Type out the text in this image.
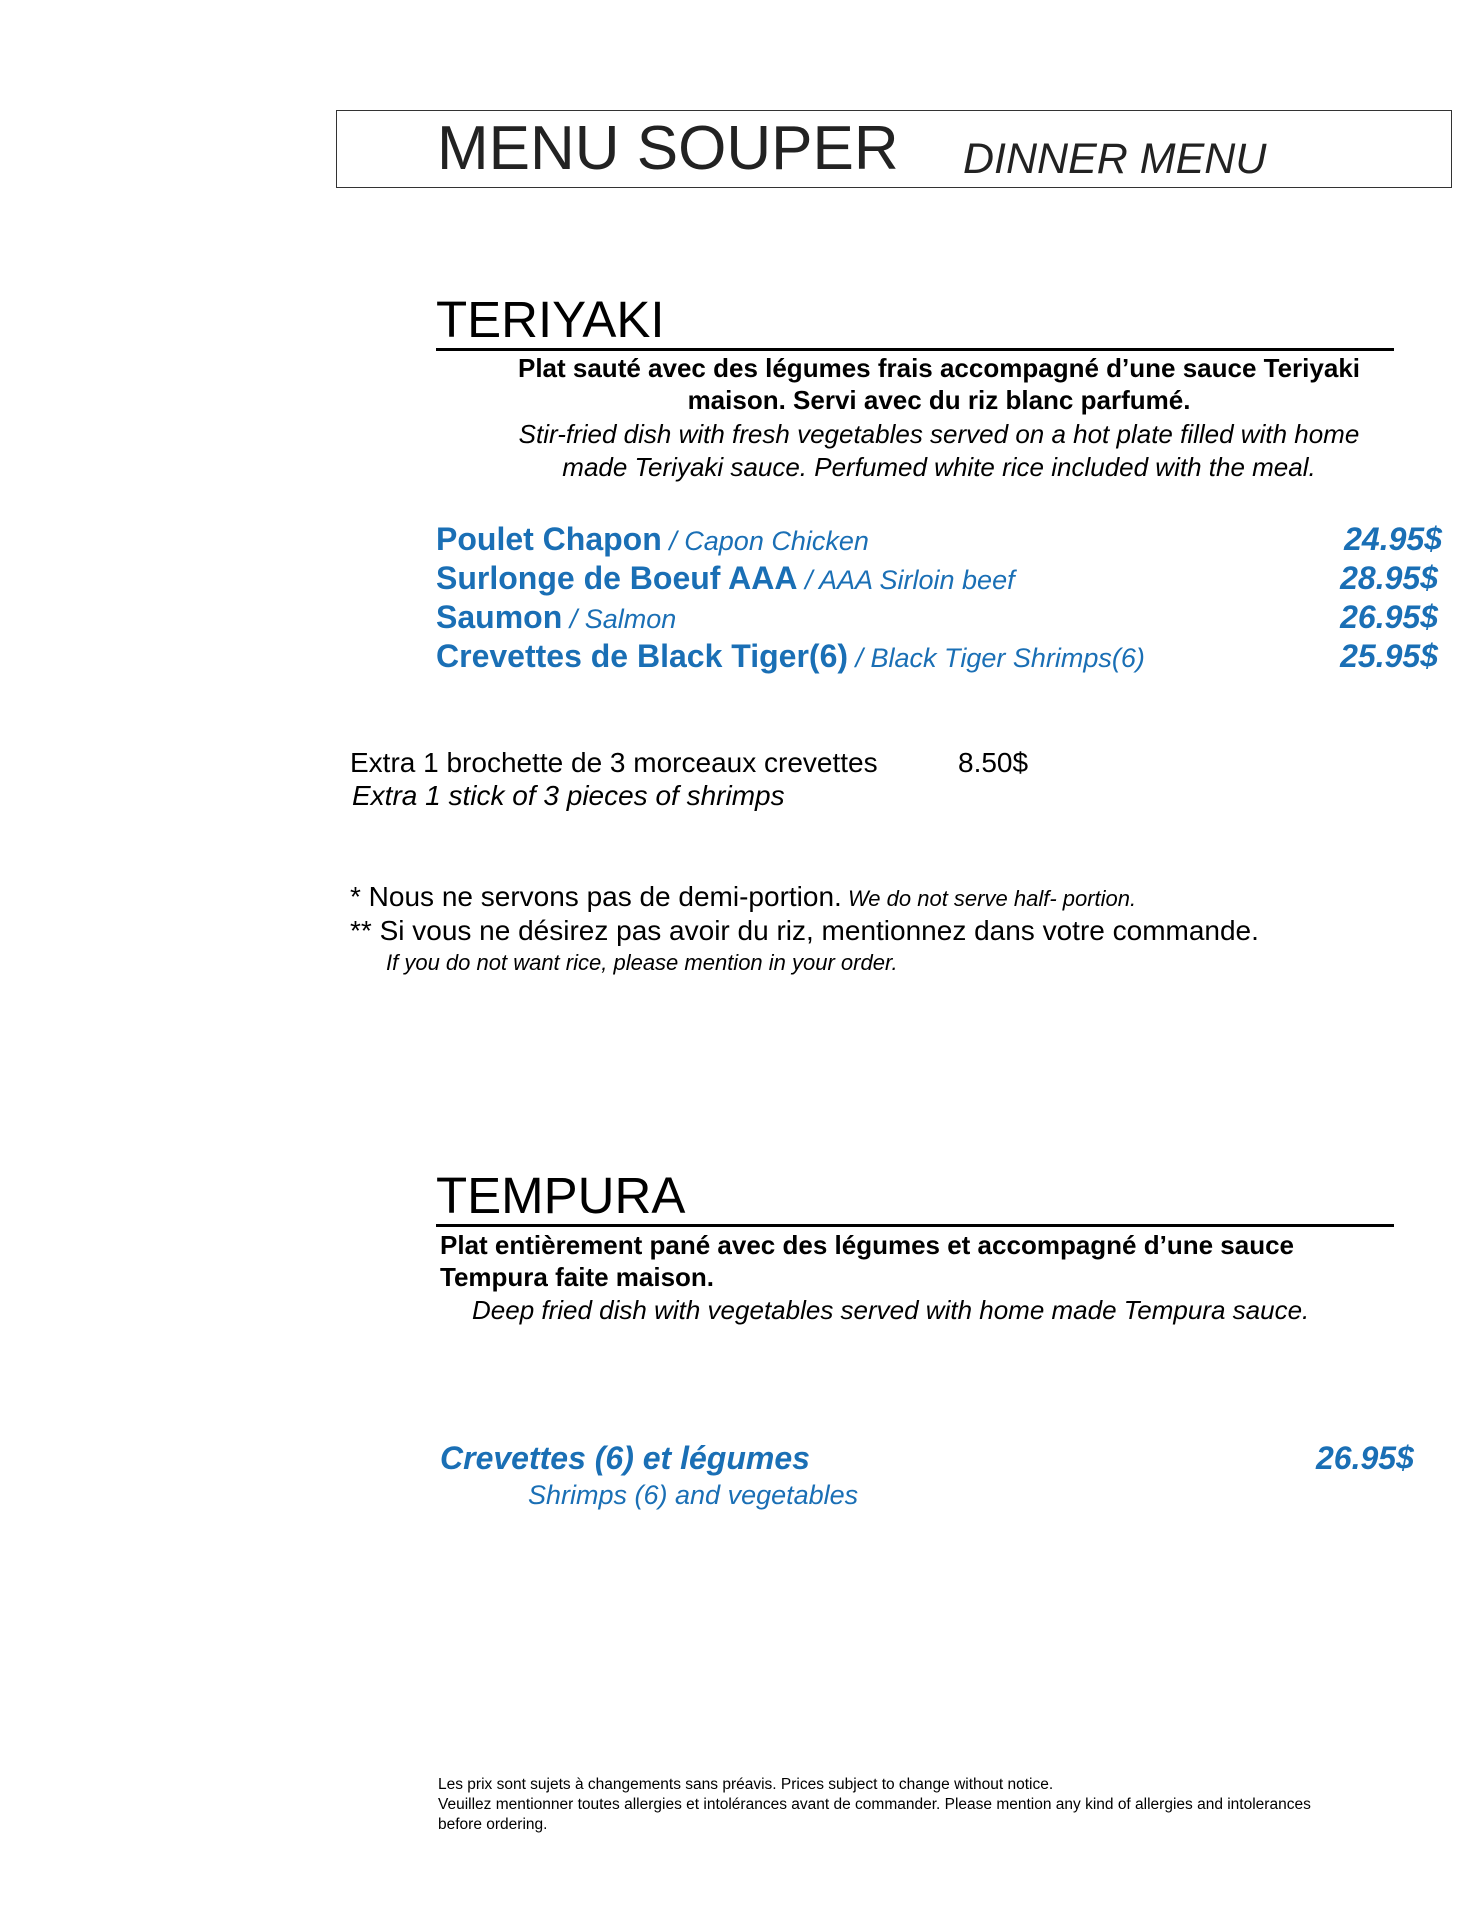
MENU SOUPER DINNER MENU
TERIYAKI
Plat sauté avec des légumes frais accompagné d’une sauce Teriyaki
maison. Servi avec du riz blanc parfumé.
Stir-fried dish with fresh vegetables served on a hot plate filled with home
made Teriyaki sauce. Perfumed white rice included with the meal.
Poulet Chapon / Capon Chicken	24.95$
Surlonge de Boeuf AAA / AAA Sirloin beef	28.95$
Saumon / Salmon	26.95$
Crevettes de Black Tiger(6) / Black Tiger Shrimps(6)	25.95$
Extra 1 brochette de 3 morceaux crevettes	8.50$
Extra 1 stick of 3 pieces of shrimps
* Nous ne servons pas de demi-portion. We do not serve half- portion.
** Si vous ne désirez pas avoir du riz, mentionnez dans votre commande.
If you do not want rice, please mention in your order.
TEMPURA
Plat entièrement pané avec des légumes et accompagné d’une sauce
Tempura faite maison.
Deep fried dish with vegetables served with home made Tempura sauce.
Crevettes (6) et légumes	26.95$
Shrimps (6) and vegetables
Les prix sont sujets à changements sans préavis. Prices subject to change without notice.
Veuillez mentionner toutes allergies et intolérances avant de commander. Please mention any kind of allergies and intolerances
before ordering.
